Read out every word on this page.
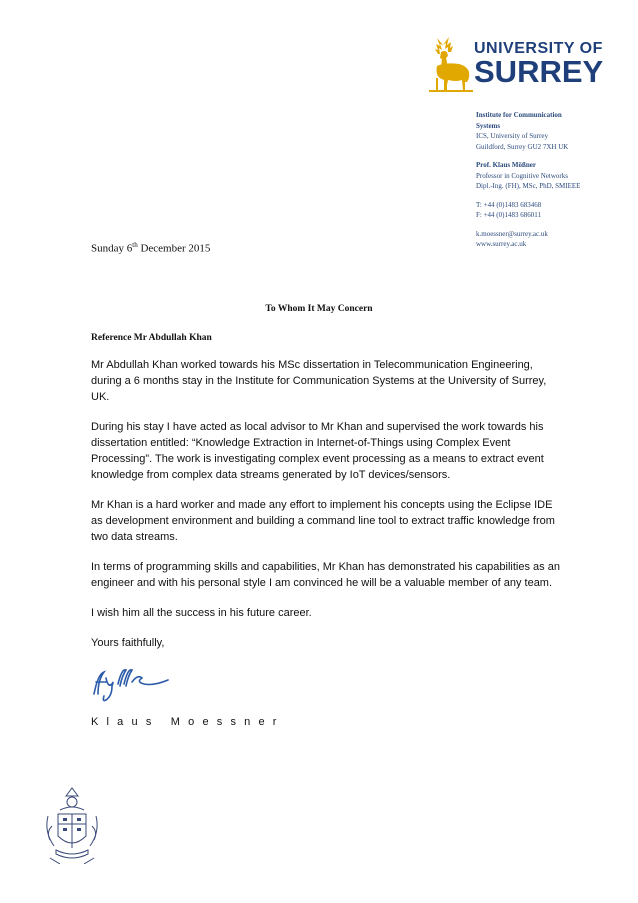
UNIVERSITY OF
SURREY
Institute for Communication
Systems
ICS, University of Surrey
Guildford, Surrey GU2 7XH UK
Prof. Klaus Mößner
Professor in Cognitive Networks
Dipl.-Ing. (FH), MSc, PhD, SMIEEE
T: +44 (0)1483 683468
F: +44 (0)1483 686011
k.moessner@surrey.ac.uk
www.surrey.ac.uk
Sunday 6th December 2015
To Whom It May Concern
Reference Mr Abdullah Khan

Mr Abdullah Khan worked towards his MSc dissertation in Telecommunication Engineering, during a 6 months stay in the Institute for Communication Systems at the University of Surrey, UK.

During his stay I have acted as local advisor to Mr Khan and supervised the work towards his dissertation entitled: “Knowledge Extraction in Internet-of-Things using Complex Event Processing”. The work is investigating complex event processing as a means to extract event knowledge from complex data streams generated by IoT devices/sensors.

Mr Khan is a hard worker and made any effort to implement his concepts using the Eclipse IDE as development environment and building a command line tool to extract traffic knowledge from two data streams.

In terms of programming skills and capabilities, Mr Khan has demonstrated his capabilities as an engineer and with his personal style I am convinced he will be a valuable member of any team.

I wish him all the success in his future career.

Yours faithfully,

Klaus Moessner
